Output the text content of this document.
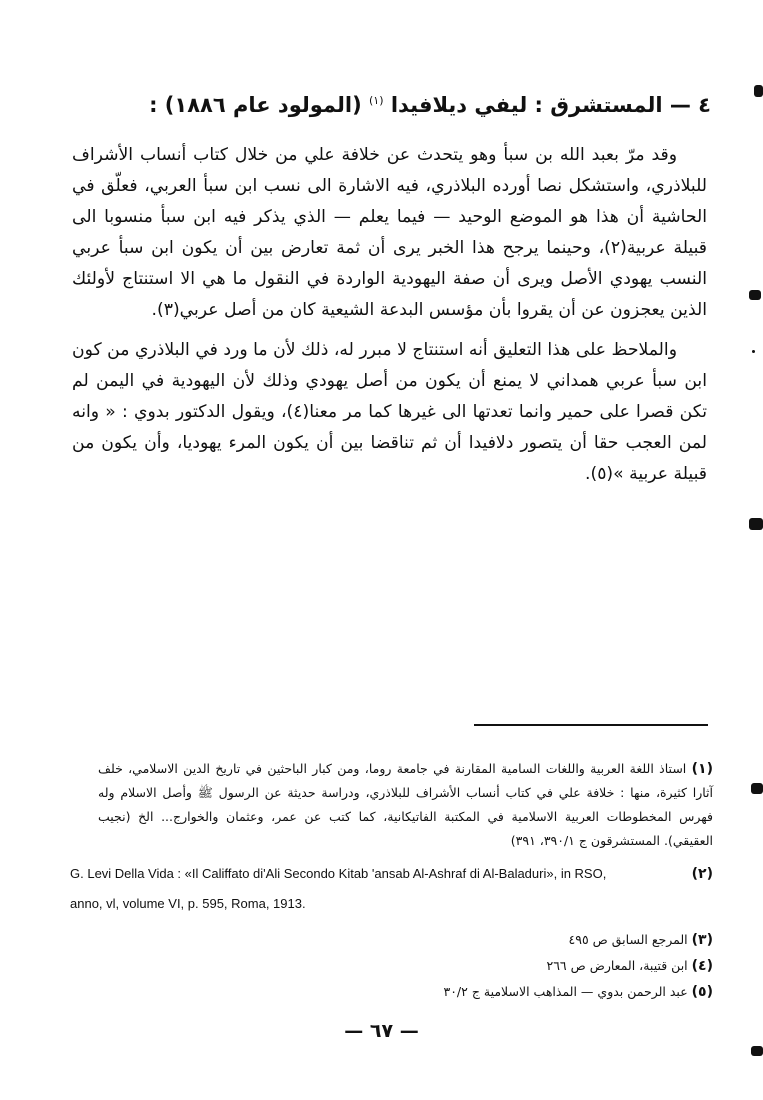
٤ — المستشرق : ليفي ديلافيدا $^{(١)}$ (المولود عام ١٨٨٦) :

وقد مرّ بعبد الله بن سبأ وهو يتحدث عن خلافة علي من خلال كتاب أنساب الأشراف للبلاذري، واستشكل نصا أورده البلاذري، فيه الاشارة الى نسب ابن سبأ العربي، فعلّق في الحاشية أن هذا هو الموضع الوحيد — فيما يعلم — الذي يذكر فيه ابن سبأ منسوبا الى قبيلة عربية(٢)، وحينما يرجح هذا الخبر يرى أن ثمة تعارض بين أن يكون ابن سبأ عربي النسب يهودي الأصل ويرى أن صفة اليهودية الواردة في النقول ما هي الا استنتاج لأولئك الذين يعجزون عن أن يقروا بأن مؤسس البدعة الشيعية كان من أصل عربي(٣).

والملاحظ على هذا التعليق أنه استنتاج لا مبرر له، ذلك لأن ما ورد في البلاذري من كون ابن سبأ عربي همداني لا يمنع أن يكون من أصل يهودي وذلك لأن اليهودية في اليمن لم تكن قصرا على حمير وانما تعدتها الى غيرها كما مر معنا(٤)، ويقول الدكتور بدوي : « وانه لمن العجب حقا أن يتصور دلافيدا أن ثم تناقضا بين أن يكون المرء يهوديا، وأن يكون من قبيلة عربية »(٥).

(١) استاذ اللغة العربية واللغات السامية المقارنة في جامعة روما، ومن كبار الباحثين في تاريخ الدين الاسلامي، خلف آثارا كثيرة، منها : خلافة علي في كتاب أنساب الأشراف للبلاذري، ودراسة حديثة عن الرسول ﷺ وأصل الاسلام وله فهرس المخطوطات العربية الاسلامية في المكتبة الفاتيكانية، كما كتب عن عمر، وعثمان والخوارج... الخ (نجيب العقيقي). المستشرقون ج ٣٩٠/١، ٣٩١)
(٢)
G. Levi Della Vida : «Il Califfato di'Ali Secondo Kitab 'ansab Al-Ashraf di Al-Baladuri», in RSO,
anno, vl, volume VI, p. 595, Roma, 1913.
(٣) المرجع السابق ص ٤٩٥
(٤) ابن قتيبة، المعارض ص ٢٦٦
(٥) عبد الرحمن بدوي — المذاهب الاسلامية ج ٣٠/٢
— ٦٧ —
